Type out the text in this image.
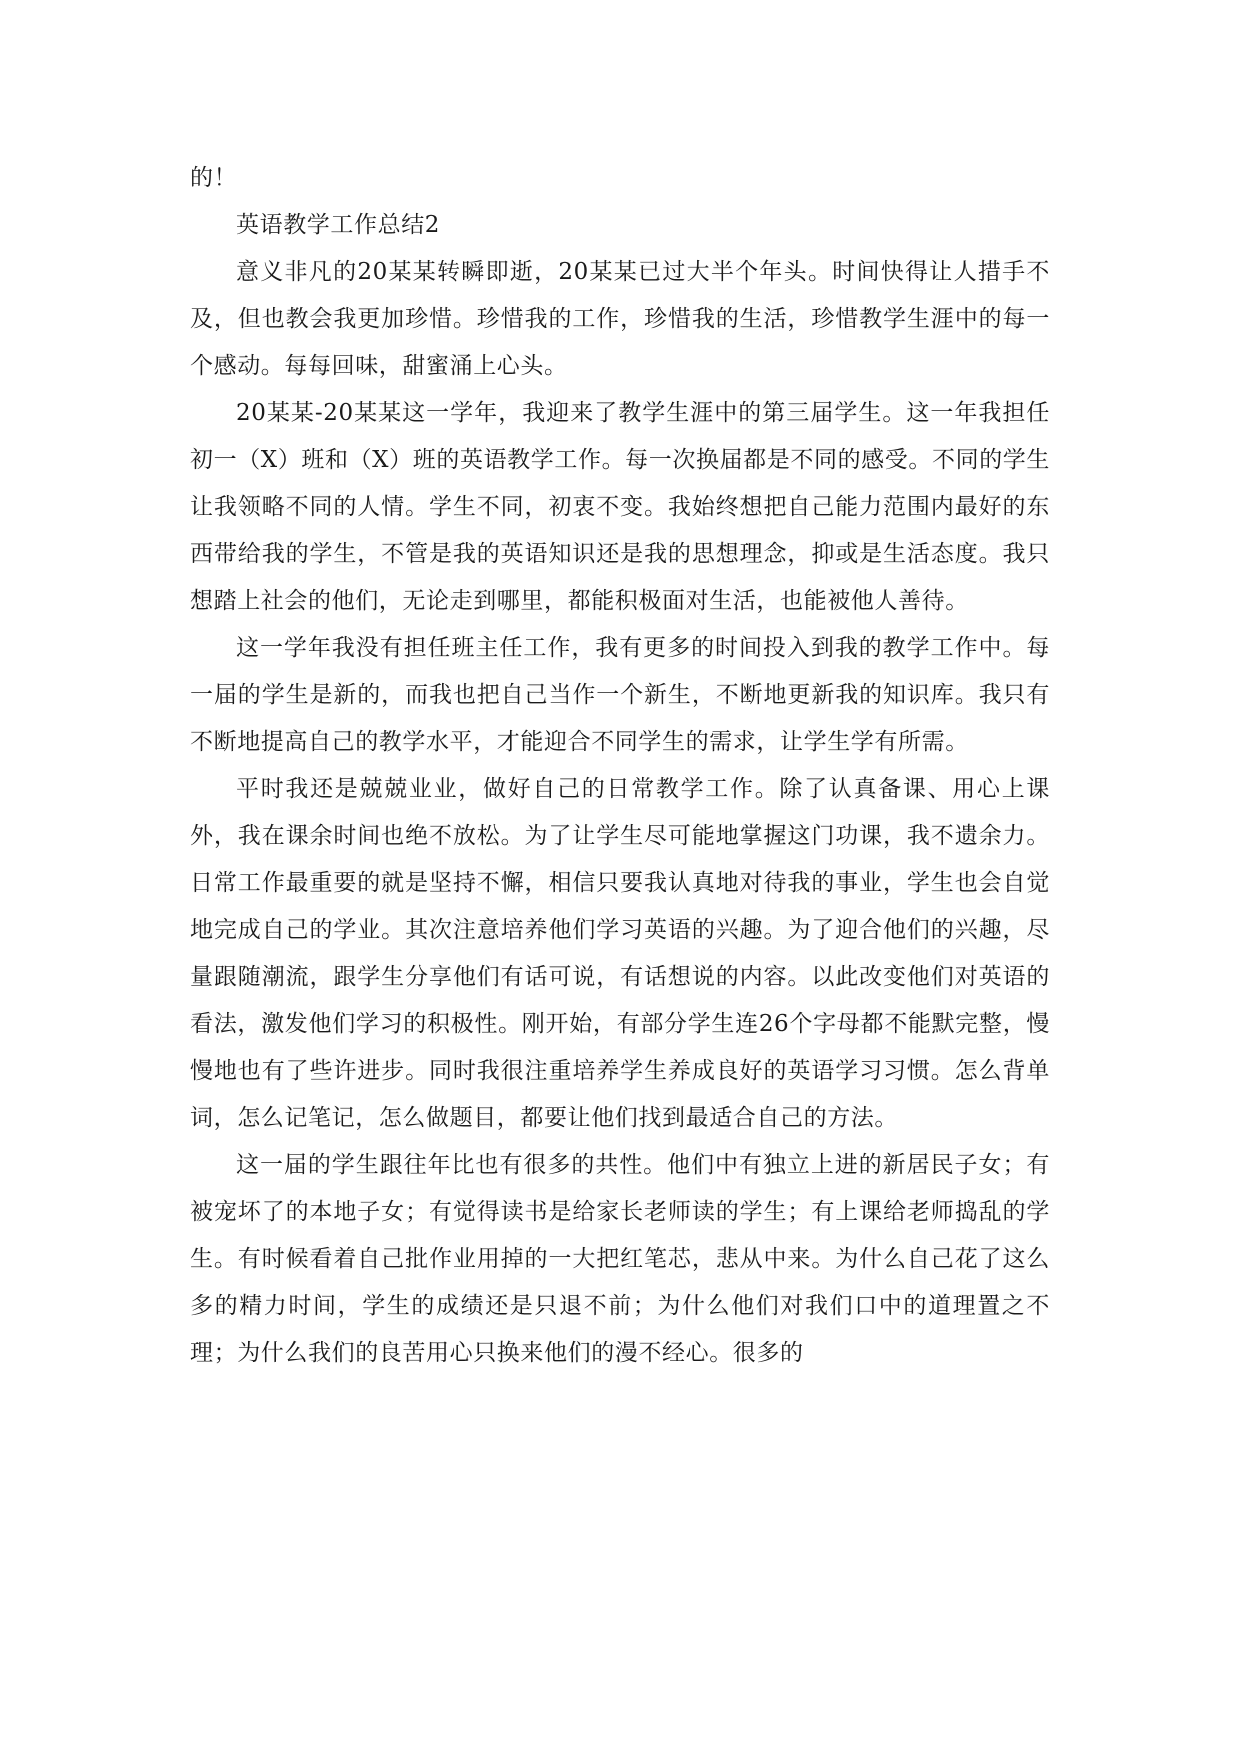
的！

英语教学工作总结2

意义非凡的20某某转瞬即逝，20某某已过大半个年头。时间快得让人措手不及，但也教会我更加珍惜。珍惜我的工作，珍惜我的生活，珍惜教学生涯中的每一个感动。每每回味，甜蜜涌上心头。

20某某-20某某这一学年，我迎来了教学生涯中的第三届学生。这一年我担任初一（X）班和（X）班的英语教学工作。每一次换届都是不同的感受。不同的学生让我领略不同的人情。学生不同，初衷不变。我始终想把自己能力范围内最好的东西带给我的学生，不管是我的英语知识还是我的思想理念，抑或是生活态度。我只想踏上社会的他们，无论走到哪里，都能积极面对生活，也能被他人善待。

这一学年我没有担任班主任工作，我有更多的时间投入到我的教学工作中。每一届的学生是新的，而我也把自己当作一个新生，不断地更新我的知识库。我只有不断地提高自己的教学水平，才能迎合不同学生的需求，让学生学有所需。

平时我还是兢兢业业，做好自己的日常教学工作。除了认真备课、用心上课外，我在课余时间也绝不放松。为了让学生尽可能地掌握这门功课，我不遗余力。日常工作最重要的就是坚持不懈，相信只要我认真地对待我的事业，学生也会自觉地完成自己的学业。其次注意培养他们学习英语的兴趣。为了迎合他们的兴趣，尽量跟随潮流，跟学生分享他们有话可说，有话想说的内容。以此改变他们对英语的看法，激发他们学习的积极性。刚开始，有部分学生连26个字母都不能默完整，慢慢地也有了些许进步。同时我很注重培养学生养成良好的英语学习习惯。怎么背单词，怎么记笔记，怎么做题目，都要让他们找到最适合自己的方法。

这一届的学生跟往年比也有很多的共性。他们中有独立上进的新居民子女；有被宠坏了的本地子女；有觉得读书是给家长老师读的学生；有上课给老师捣乱的学生。有时候看着自己批作业用掉的一大把红笔芯，悲从中来。为什么自己花了这么多的精力时间，学生的成绩还是只退不前；为什么他们对我们口中的道理置之不理；为什么我们的良苦用心只换来他们的漫不经心。很多的
